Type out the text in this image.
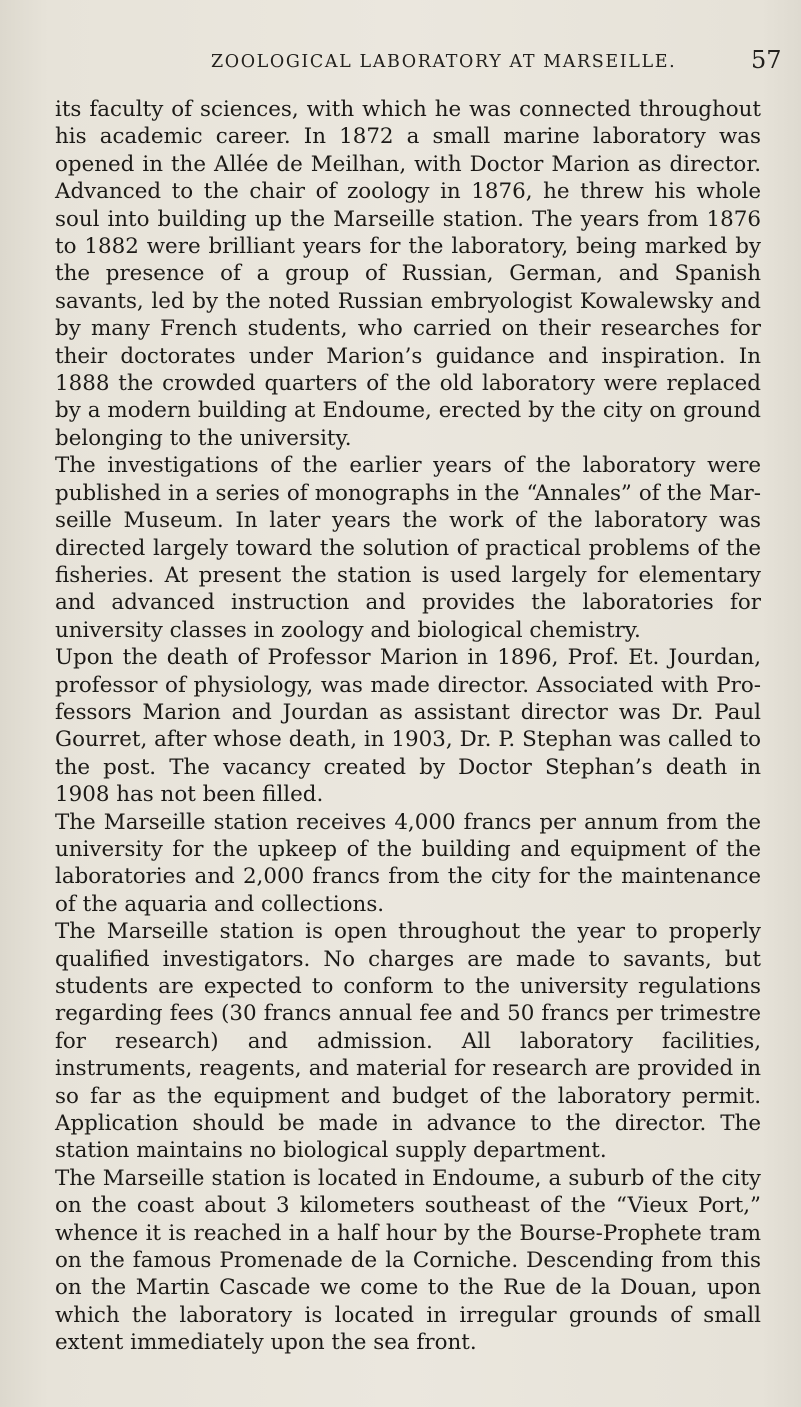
ZOOLOGICAL LABORATORY AT MARSEILLE.	57

its faculty of sciences, with which he was connected throughout his academic career. In 1872 a small marine laboratory was opened in the Allée de Meilhan, with Doctor Marion as director. Advanced to the chair of zoology in 1876, he threw his whole soul into building up the Marseille station. The years from 1876 to 1882 were brilliant years for the laboratory, being marked by the presence of a group of Russian, German, and Spanish savants, led by the noted Russian embryologist Kowalewsky and by many French students, who carried on their researches for their doctorates under Marion’s guidance and inspiration. In 1888 the crowded quarters of the old laboratory were replaced by a modern building at Endoume, erected by the city on ground belonging to the university.

The investigations of the earlier years of the laboratory were published in a series of monographs in the “Annales” of the Marseille Museum. In later years the work of the laboratory was directed largely toward the solution of practical problems of the fisheries. At present the station is used largely for elementary and advanced instruction and provides the laboratories for university classes in zoology and biological chemistry.

Upon the death of Professor Marion in 1896, Prof. Et. Jourdan, professor of physiology, was made director. Associated with Professors Marion and Jourdan as assistant director was Dr. Paul Gourret, after whose death, in 1903, Dr. P. Stephan was called to the post. The vacancy created by Doctor Stephan’s death in 1908 has not been filled.

The Marseille station receives 4,000 francs per annum from the university for the upkeep of the building and equipment of the laboratories and 2,000 francs from the city for the maintenance of the aquaria and collections.

The Marseille station is open throughout the year to properly qualified investigators. No charges are made to savants, but students are expected to conform to the university regulations regarding fees (30 francs annual fee and 50 francs per trimestre for research) and admission. All laboratory facilities, instruments, reagents, and material for research are provided in so far as the equipment and budget of the laboratory permit. Application should be made in advance to the director. The station maintains no biological supply department.

The Marseille station is located in Endoume, a suburb of the city on the coast about 3 kilometers southeast of the “Vieux Port,” whence it is reached in a half hour by the Bourse-Prophete tram on the famous Promenade de la Corniche. Descending from this on the Martin Cascade we come to the Rue de la Douan, upon which the laboratory is located in irregular grounds of small extent immediately upon the sea front.
